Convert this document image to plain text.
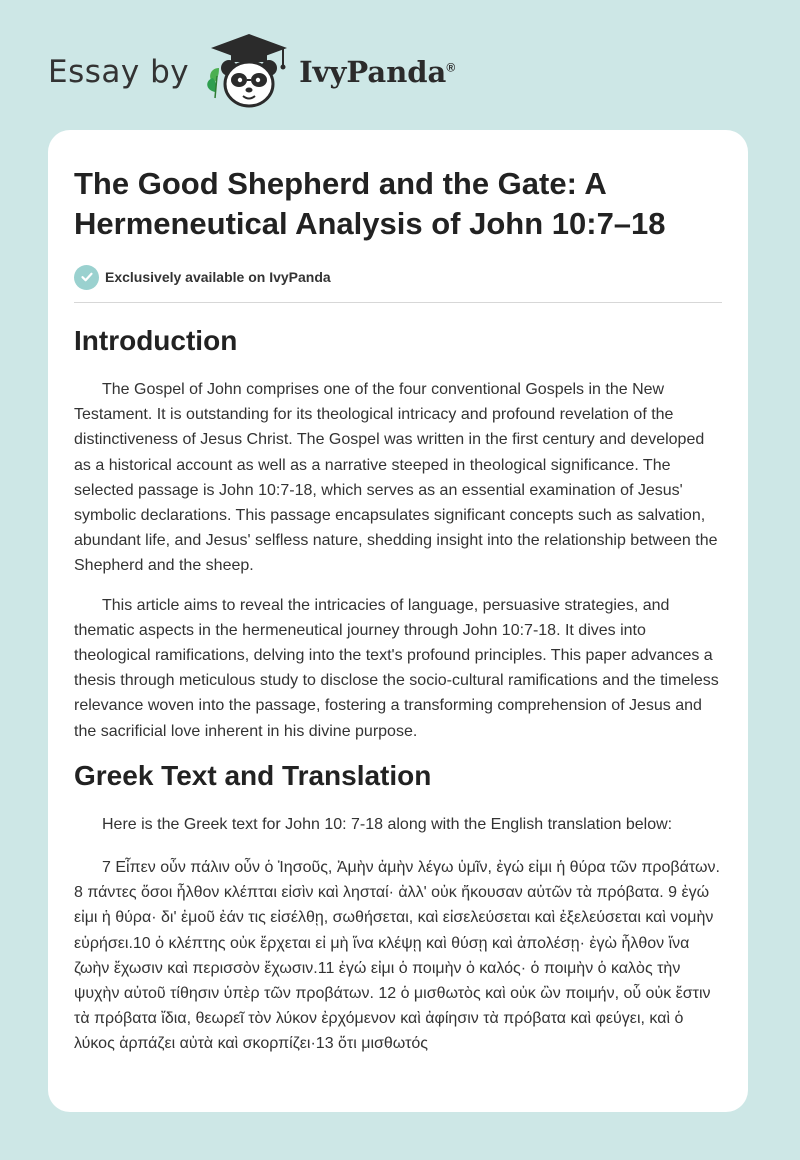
Essay by	IvyPanda®
The Good Shepherd and the Gate: A Hermeneutical Analysis of John 10:7–18
Exclusively available on IvyPanda
Introduction

The Gospel of John comprises one of the four conventional Gospels in the New Testament. It is outstanding for its theological intricacy and profound revelation of the distinctiveness of Jesus Christ. The Gospel was written in the first century and developed as a historical account as well as a narrative steeped in theological significance. The selected passage is John 10:7-18, which serves as an essential examination of Jesus' symbolic declarations. This passage encapsulates significant concepts such as salvation, abundant life, and Jesus' selfless nature, shedding insight into the relationship between the Shepherd and the sheep.

This article aims to reveal the intricacies of language, persuasive strategies, and thematic aspects in the hermeneutical journey through John 10:7-18. It dives into theological ramifications, delving into the text's profound principles. This paper advances a thesis through meticulous study to disclose the socio-cultural ramifications and the timeless relevance woven into the passage, fostering a transforming comprehension of Jesus and the sacrificial love inherent in his divine purpose.

Greek Text and Translation

Here is the Greek text for John 10: 7-18 along with the English translation below:

7 Εἶπεν οὖν πάλιν οὖν ὁ Ἰησοῦς, Ἀμὴν ἀμὴν λέγω ὑμῖν, ἐγώ εἰμι ἡ θύρα τῶν προβάτων. 8 πάντες ὅσοι ἦλθον κλέπται εἰσὶν καὶ λησταί· ἀλλ' οὐκ ἤκουσαν αὐτῶν τὰ πρόβατα. 9 ἐγώ εἰμι ἡ θύρα· δι' ἐμοῦ ἐάν τις εἰσέλθῃ, σωθήσεται, καὶ εἰσελεύσεται καὶ ἐξελεύσεται καὶ νομὴν εὑρήσει.10 ὁ κλέπτης οὐκ ἔρχεται εἰ μὴ ἵνα κλέψῃ καὶ θύσῃ καὶ ἀπολέσῃ· ἐγὼ ἦλθον ἵνα ζωὴν ἔχωσιν καὶ περισσὸν ἔχωσιν.11 ἐγώ εἰμι ὁ ποιμὴν ὁ καλός· ὁ ποιμὴν ὁ καλὸς τὴν ψυχὴν αὐτοῦ τίθησιν ὑπὲρ τῶν προβάτων. 12 ὁ μισθωτὸς καὶ οὐκ ὢν ποιμήν, οὗ οὐκ ἔστιν τὰ πρόβατα ἴδια, θεωρεῖ τὸν λύκον ἐρχόμενον καὶ ἀφίησιν τὰ πρόβατα καὶ φεύγει, καὶ ὁ λύκος ἁρπάζει αὐτὰ καὶ σκορπίζει·13 ὅτι μισθωτός
